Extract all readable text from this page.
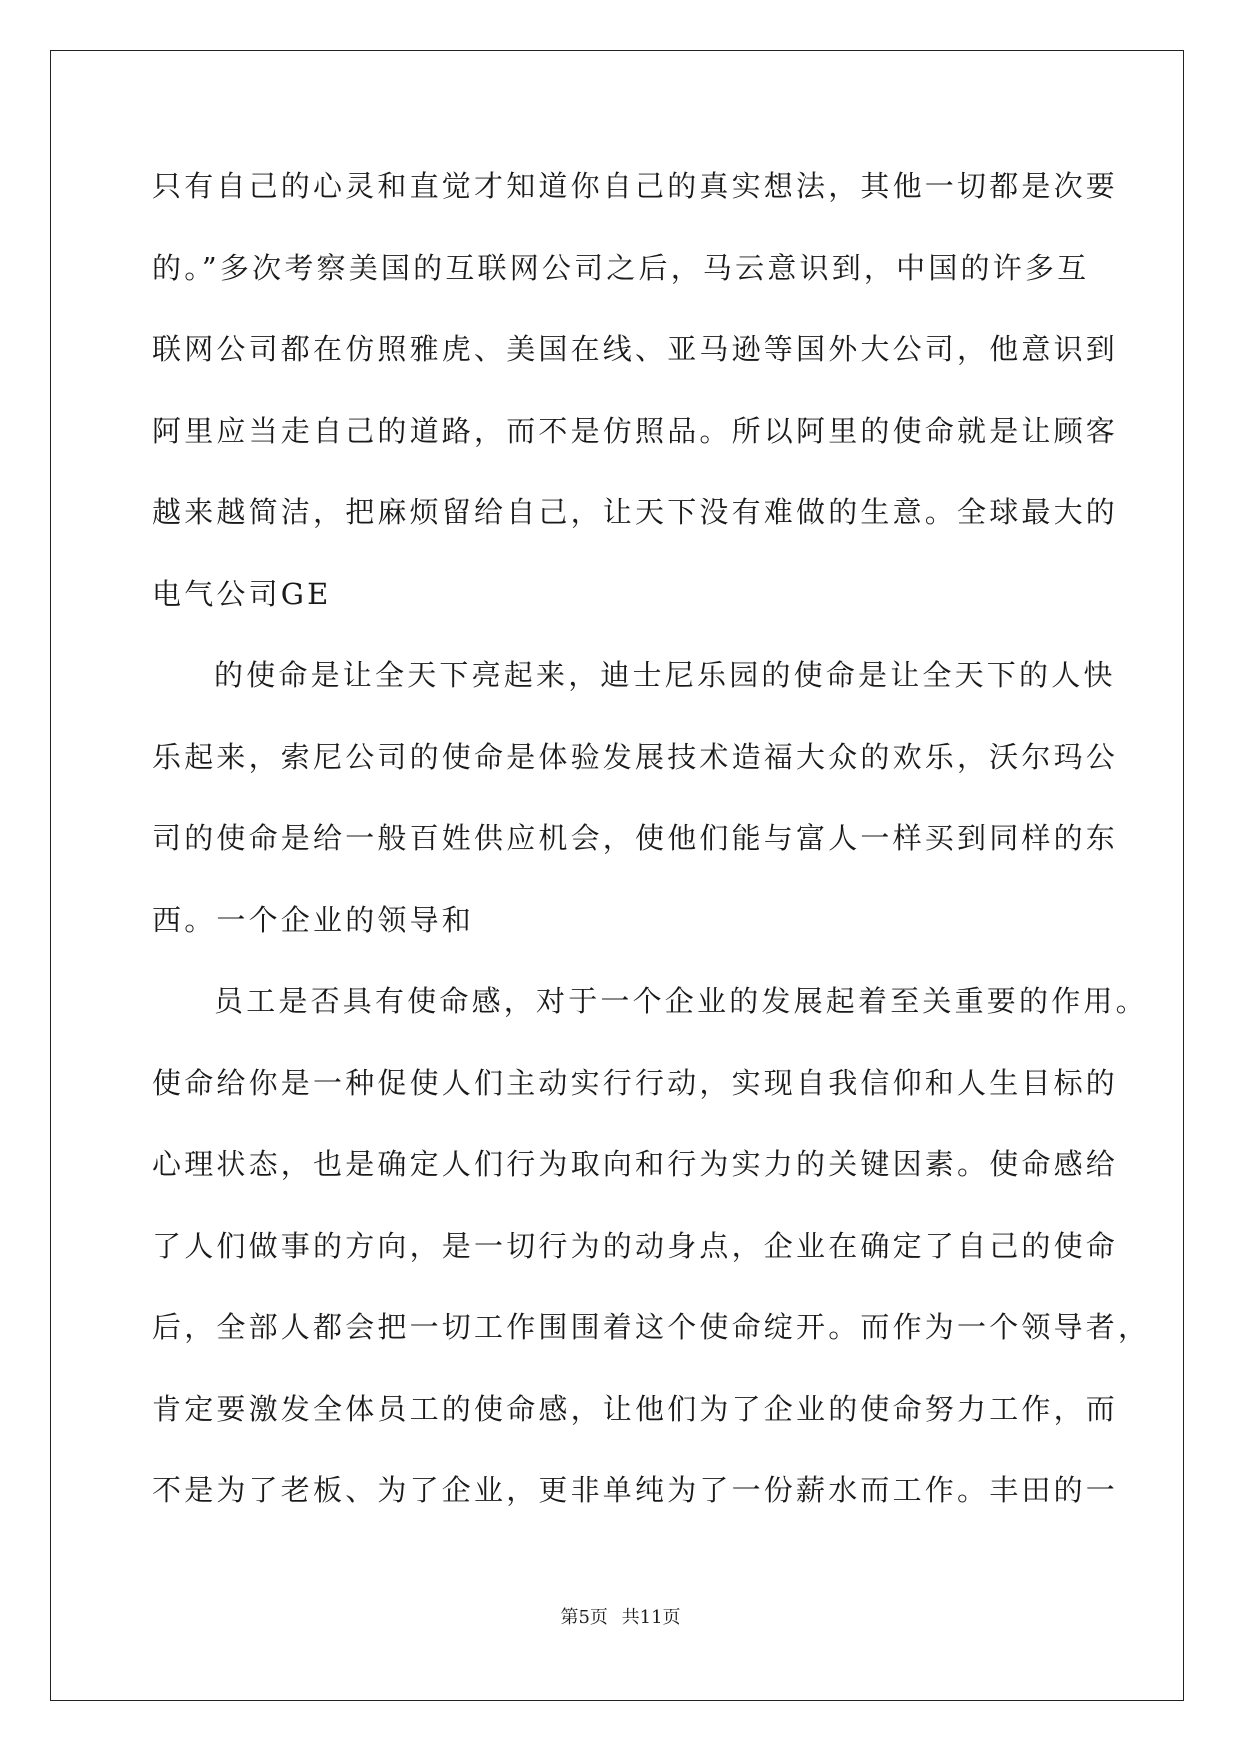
只有自己的心灵和直觉才知道你自己的真实想法，其他一切都是次要
的。”多次考察美国的互联网公司之后，马云意识到，中国的许多互
联网公司都在仿照雅虎、美国在线、亚马逊等国外大公司，他意识到
阿里应当走自己的道路，而不是仿照品。所以阿里的使命就是让顾客
越来越简洁，把麻烦留给自己，让天下没有难做的生意。全球最大的
电气公司GE
的使命是让全天下亮起来，迪士尼乐园的使命是让全天下的人快
乐起来，索尼公司的使命是体验发展技术造福大众的欢乐，沃尔玛公
司的使命是给一般百姓供应机会，使他们能与富人一样买到同样的东
西。一个企业的领导和
员工是否具有使命感，对于一个企业的发展起着至关重要的作用。
使命给你是一种促使人们主动实行行动，实现自我信仰和人生目标的
心理状态，也是确定人们行为取向和行为实力的关键因素。使命感给
了人们做事的方向，是一切行为的动身点，企业在确定了自己的使命
后，全部人都会把一切工作围围着这个使命绽开。而作为一个领导者，
肯定要激发全体员工的使命感，让他们为了企业的使命努力工作，而
不是为了老板、为了企业，更非单纯为了一份薪水而工作。丰田的一
第5页 共11页
